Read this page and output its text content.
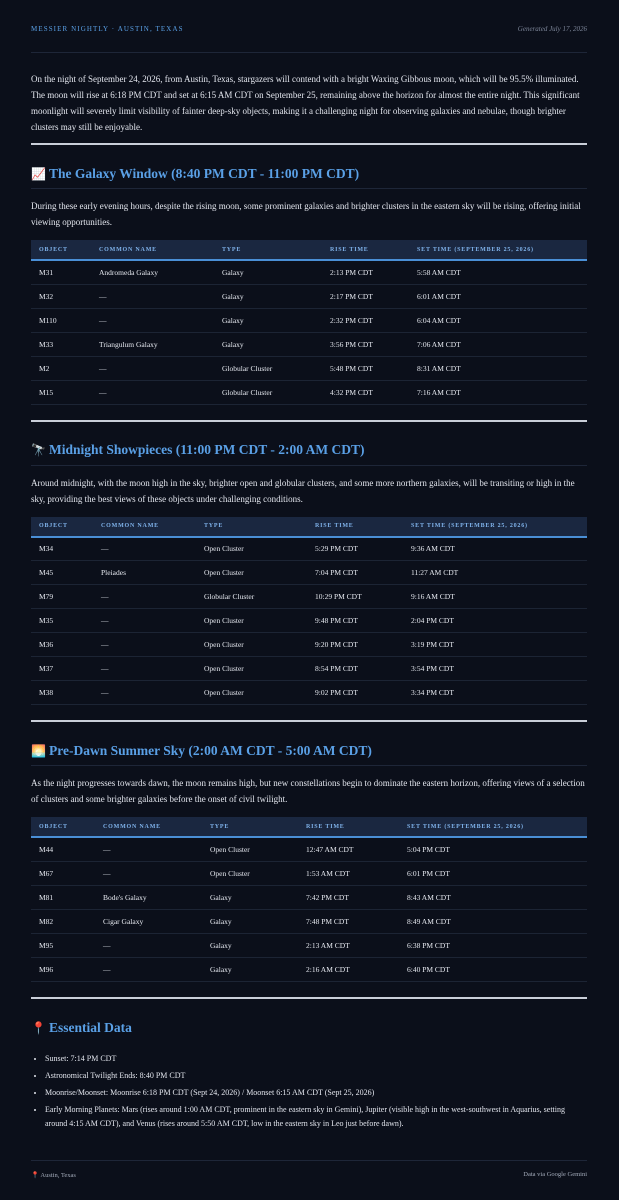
MESSIER NIGHTLY · AUSTIN, TEXAS	Generated July 17, 2026

On the night of September 24, 2026, from Austin, Texas, stargazers will contend with a bright Waxing Gibbous moon, which will be 95.5% illuminated. The moon will rise at 6:18 PM CDT and set at 6:15 AM CDT on September 25, remaining above the horizon for almost the entire night. This significant moonlight will severely limit visibility of fainter deep-sky objects, making it a challenging night for observing galaxies and nebulae, though brighter clusters may still be enjoyable.

📈 The Galaxy Window (8:40 PM CDT - 11:00 PM CDT)

During these early evening hours, despite the rising moon, some prominent galaxies and brighter clusters in the eastern sky will be rising, offering initial viewing opportunities.

OBJECT	COMMON NAME	TYPE	RISE TIME	SET TIME (SEPTEMBER 25, 2026)
M31	Andromeda Galaxy	Galaxy	2:13 PM CDT	5:58 AM CDT
M32	—	Galaxy	2:17 PM CDT	6:01 AM CDT
M110	—	Galaxy	2:32 PM CDT	6:04 AM CDT
M33	Triangulum Galaxy	Galaxy	3:56 PM CDT	7:06 AM CDT
M2	—	Globular Cluster	5:48 PM CDT	8:31 AM CDT
M15	—	Globular Cluster	4:32 PM CDT	7:16 AM CDT
🔭 Midnight Showpieces (11:00 PM CDT - 2:00 AM CDT)

Around midnight, with the moon high in the sky, brighter open and globular clusters, and some more northern galaxies, will be transiting or high in the sky, providing the best views of these objects under challenging conditions.

OBJECT	COMMON NAME	TYPE	RISE TIME	SET TIME (SEPTEMBER 25, 2026)
M34	—	Open Cluster	5:29 PM CDT	9:36 AM CDT
M45	Pleiades	Open Cluster	7:04 PM CDT	11:27 AM CDT
M79	—	Globular Cluster	10:29 PM CDT	9:16 AM CDT
M35	—	Open Cluster	9:48 PM CDT	2:04 PM CDT
M36	—	Open Cluster	9:20 PM CDT	3:19 PM CDT
M37	—	Open Cluster	8:54 PM CDT	3:54 PM CDT
M38	—	Open Cluster	9:02 PM CDT	3:34 PM CDT
🌅 Pre-Dawn Summer Sky (2:00 AM CDT - 5:00 AM CDT)

As the night progresses towards dawn, the moon remains high, but new constellations begin to dominate the eastern horizon, offering views of a selection of clusters and some brighter galaxies before the onset of civil twilight.

OBJECT	COMMON NAME	TYPE	RISE TIME	SET TIME (SEPTEMBER 25, 2026)
M44	—	Open Cluster	12:47 AM CDT	5:04 PM CDT
M67	—	Open Cluster	1:53 AM CDT	6:01 PM CDT
M81	Bode's Galaxy	Galaxy	7:42 PM CDT	8:43 AM CDT
M82	Cigar Galaxy	Galaxy	7:48 PM CDT	8:49 AM CDT
M95	—	Galaxy	2:13 AM CDT	6:38 PM CDT
M96	—	Galaxy	2:16 AM CDT	6:40 PM CDT
📍 Essential Data
• Sunset: 7:14 PM CDT
• Astronomical Twilight Ends: 8:40 PM CDT
• Moonrise/Moonset: Moonrise 6:18 PM CDT (Sept 24, 2026) / Moonset 6:15 AM CDT (Sept 25, 2026)
• Early Morning Planets: Mars (rises around 1:00 AM CDT, prominent in the eastern sky in Gemini), Jupiter (visible high in the west-southwest in Aquarius, setting around 4:15 AM CDT), and Venus (rises around 5:50 AM CDT, low in the eastern sky in Leo just before dawn).
📍 Austin, Texas	Data via Google Gemini
